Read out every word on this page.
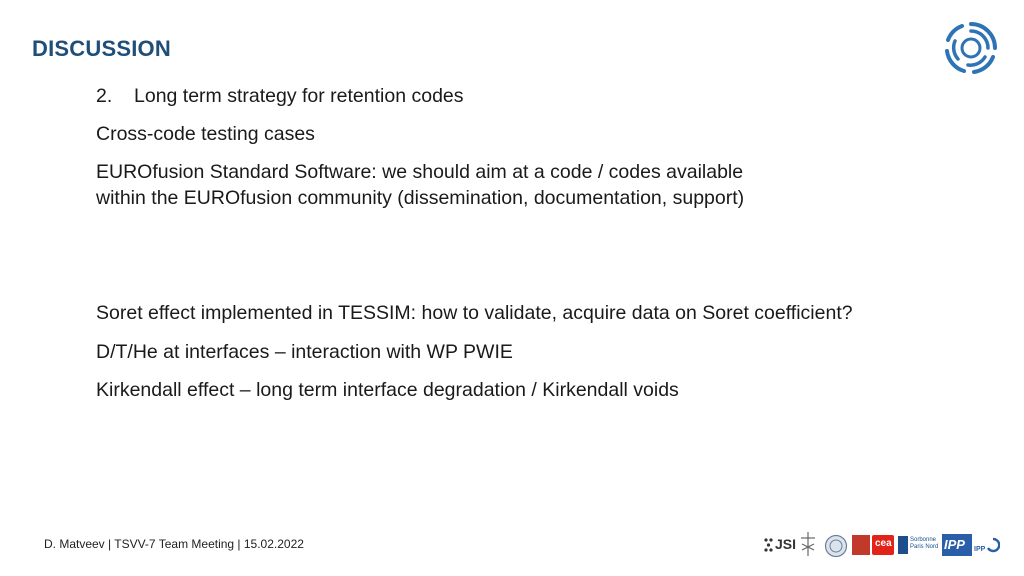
DISCUSSION
2. Long term strategy for retention codes
Cross-code testing cases
EUROfusion Standard Software: we should aim at a code / codes available
within the EUROfusion community (dissemination, documentation, support)
Soret effect implemented in TESSIM: how to validate, acquire data on Soret coefficient?
D/T/He at interfaces – interaction with WP PWIE
Kirkendall effect – long term interface degradation / Kirkendall voids
D. Matveev | TSVV-7 Team Meeting | 15.02.2022	JSI	cea	Sorbonne Paris Nord IPP IPP
